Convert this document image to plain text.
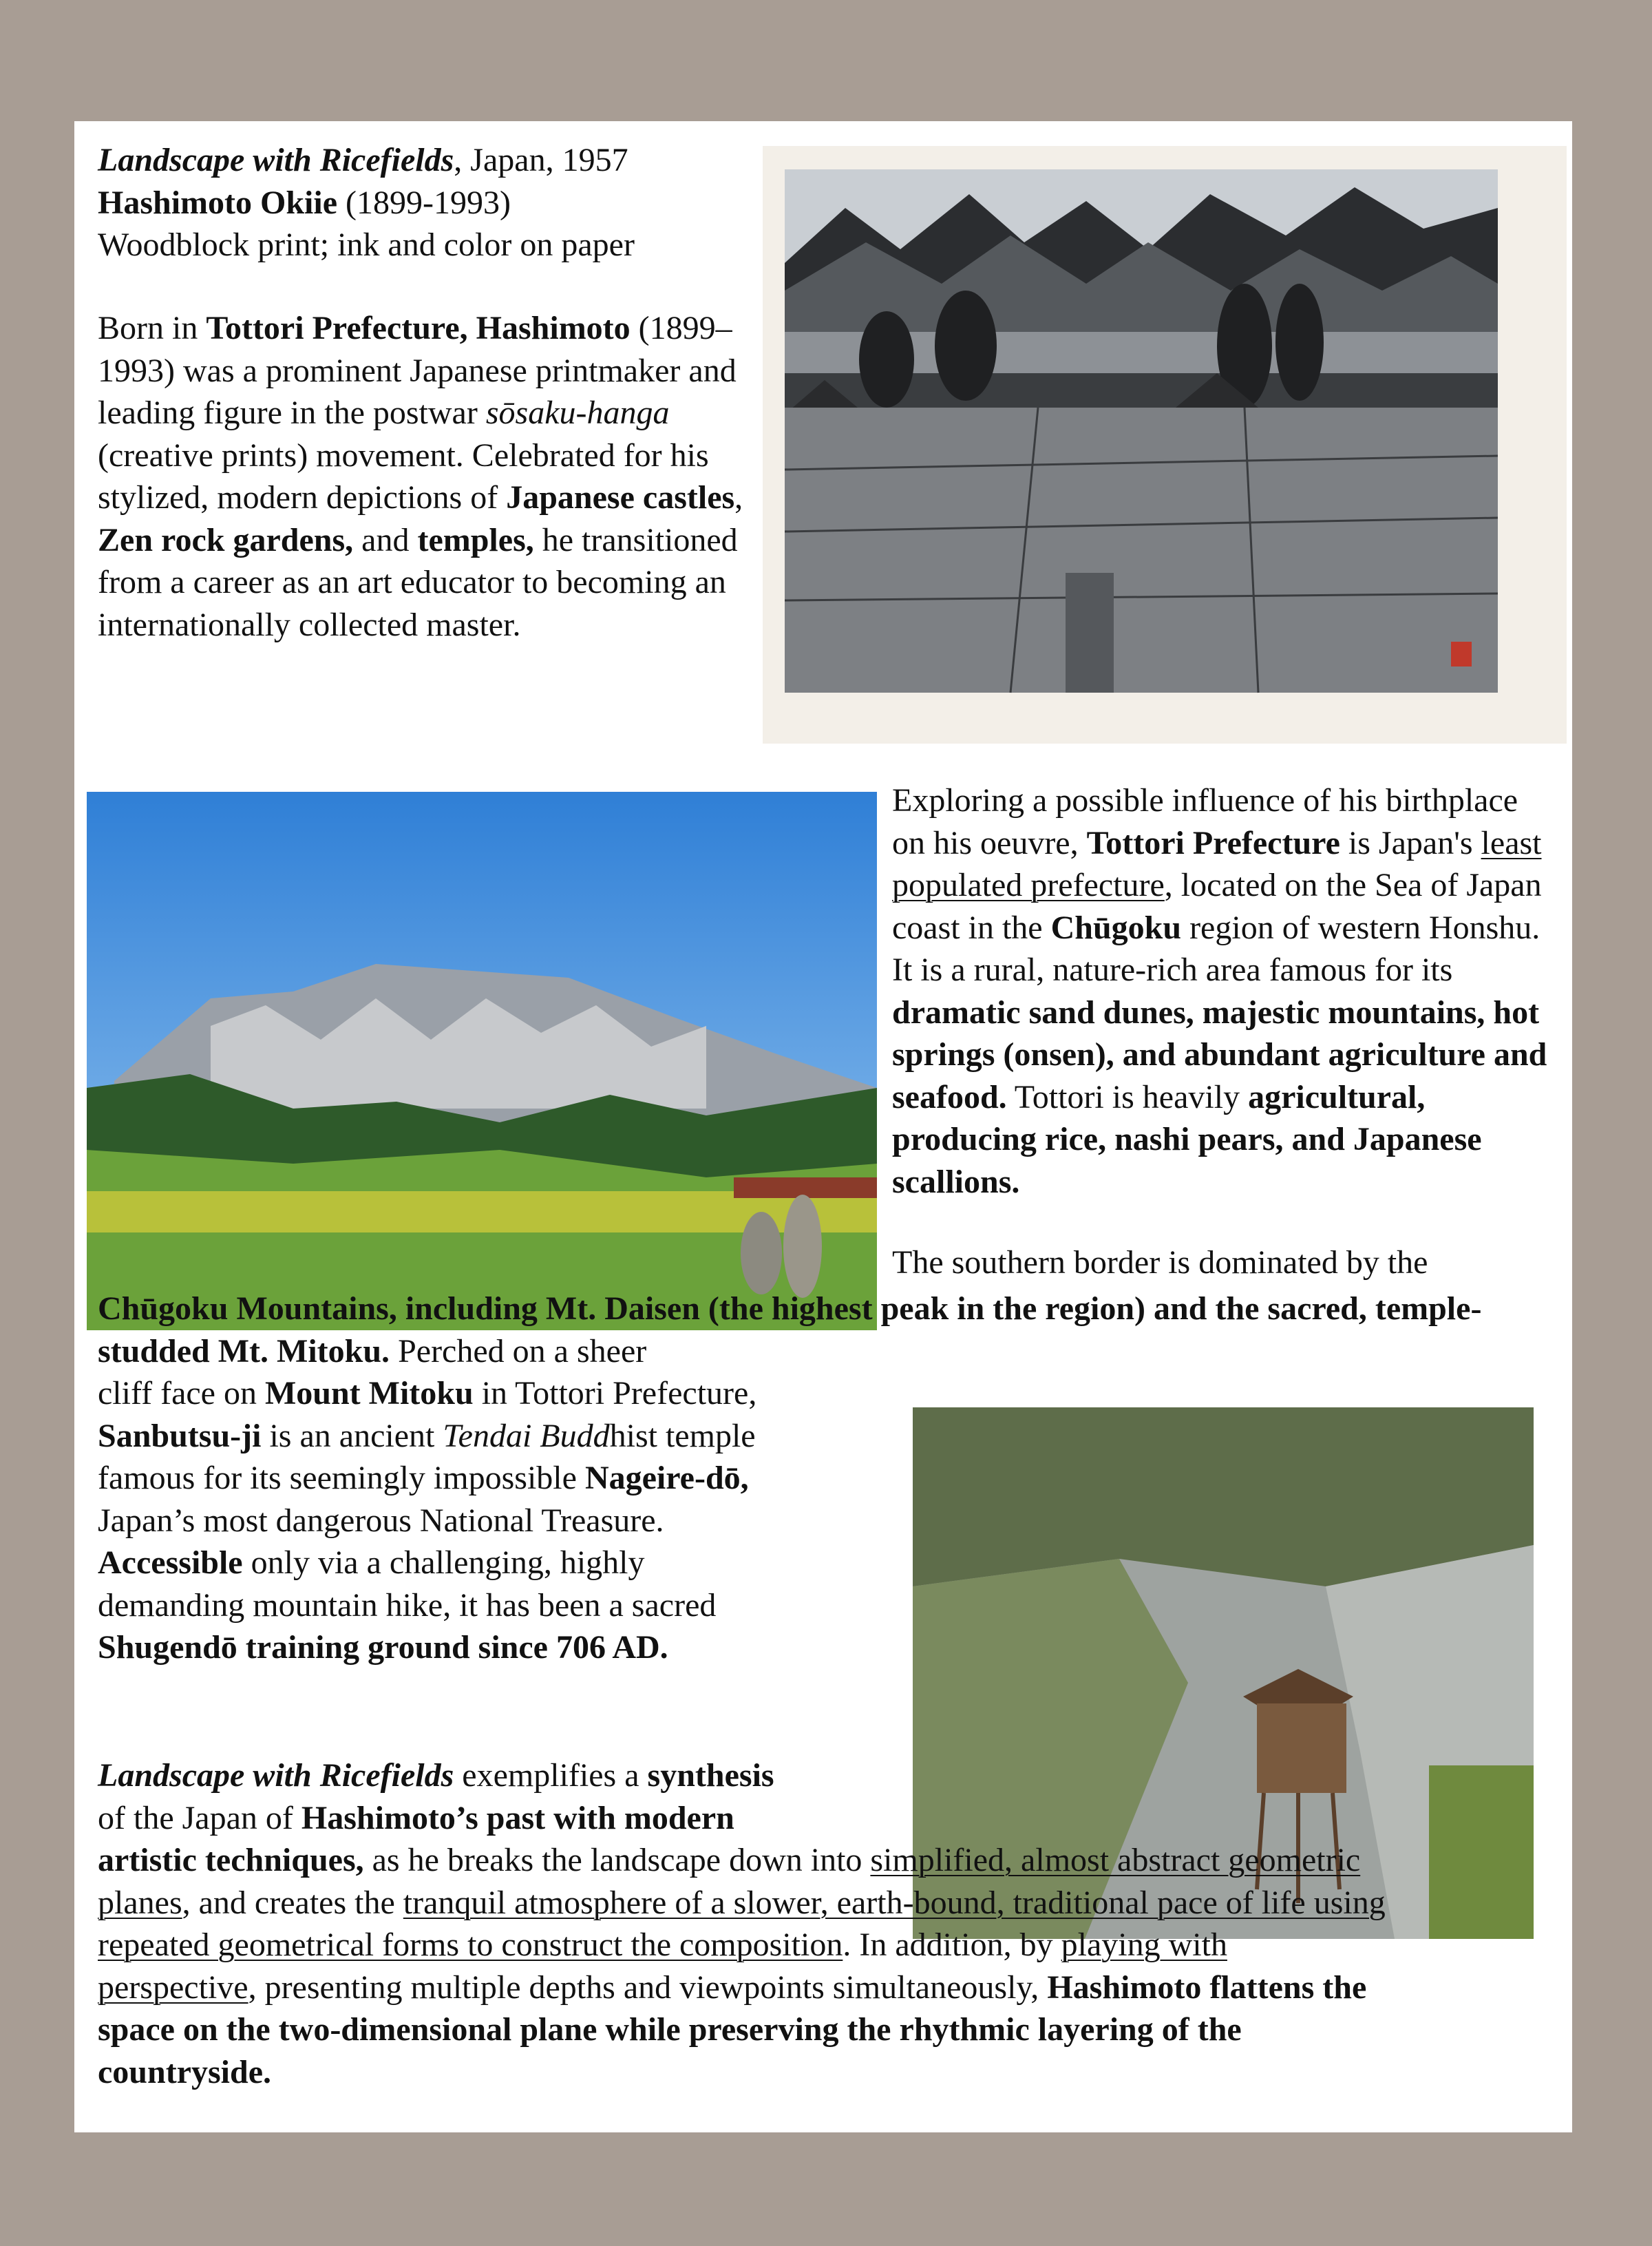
Landscape with Ricefields, Japan, 1957
Hashimoto Okiie (1899-1993)
Woodblock print; ink and color on paper

Born in Tottori Prefecture, Hashimoto (1899–1993) was a prominent Japanese printmaker and leading figure in the postwar sōsaku-hanga (creative prints) movement. Celebrated for his stylized, modern depictions of Japanese castles, Zen rock gardens, and temples, he transitioned from a career as an art educator to becoming an internationally collected master.

Exploring a possible influence of his birthplace on his oeuvre, Tottori Prefecture is Japan's least populated prefecture, located on the Sea of Japan coast in the Chūgoku region of western Honshu. It is a rural, nature-rich area famous for its dramatic sand dunes, majestic mountains, hot springs (onsen), and abundant agriculture and seafood. Tottori is heavily agricultural, producing rice, nashi pears, and Japanese scallions.

The southern border is dominated by the

Chūgoku Mountains, including Mt. Daisen (the highest peak in the region) and the sacred, temple-studded Mt. Mitoku. Perched on a sheer
cliff face on Mount Mitoku in Tottori Prefecture,
Sanbutsu-ji is an ancient Tendai Buddhist temple
famous for its seemingly impossible Nageire-dō,
Japan’s most dangerous National Treasure.
Accessible only via a challenging, highly
demanding mountain hike, it has been a sacred
Shugendō training ground since 706 AD.

Landscape with Ricefields exemplifies a synthesis
of the Japan of Hashimoto’s past with modern
artistic techniques, as he breaks the landscape down into simplified, almost abstract geometric
planes, and creates the tranquil atmosphere of a slower, earth-bound, traditional pace of life using
repeated geometrical forms to construct the composition. In addition, by playing with
perspective, presenting multiple depths and viewpoints simultaneously, Hashimoto flattens the
space on the two-dimensional plane while preserving the rhythmic layering of the
countryside.
